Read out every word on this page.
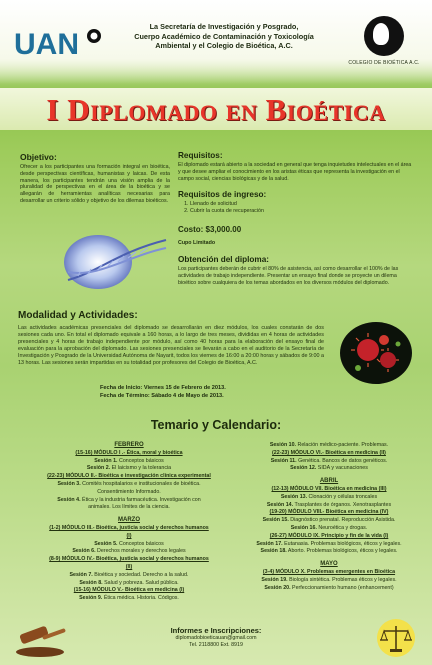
UAN
La Secretaría de Investigación y Posgrado,
Cuerpo Académico de Contaminación y Toxicología
Ambiental y el Colegio de Bioética, A.C.
COLEGIO DE BIOÉTICA A.C.
I Diplomado en Bioética
Objetivo:
Ofrecer a los participantes una formación integral en bioética, desde perspectivas científicas, humanistas y laicas. De esta manera, los participantes tendrán una visión amplia de la pluralidad de perspectivas en el área de la bioética y se allegarán de herramientas analíticas necesarias para desarrollar un criterio sólido y objetivo de los dilemas bioéticos.
Requisitos:
El diplomado estará abierto a la sociedad en general que tenga inquietudes intelectuales en el área y que desee ampliar el conocimiento en los aristas éticas que representa la investigación en el campo social, ciencias biológicas y de la salud.
Requisitos de ingreso:
1. Llenado de solicitud
2. Cubrir la cuota de recuperación
Costo: $3,000.00
Cupo Limitado
Obtención del diploma:
Los participantes deberán de cubrir el 80% de asistencia, así como desarrollar el 100% de las actividades de trabajo independiente. Presentar un ensayo final donde se proyecte un dilema bioético sobre cualquiera de los temas abordados en los diversos módulos del diplomado.
Modalidad y Actividades:
Las actividades académicas presenciales del diplomado se desarrollarán en diez módulos, los cuales constarán de dos sesiones cada uno. En total el diplomado equivale a 160 horas, a lo largo de tres meses, divididas en 4 horas de actividades presenciales y 4 horas de trabajo independiente por módulo, así como 40 horas para la elaboración del ensayo final de evaluación para la aprobación del diplomado. Las sesiones presenciales se llevarán a cabo en el auditorio de la Secretaría de Investigación y Posgrado de la Universidad Autónoma de Nayarit, todos los viernes de 16:00 a 20:00 horas y sábados de 9:00 a 13 horas. Las sesiones serán impartidas en su totalidad por profesores del Colegio de Bioética, A.C.
Fecha de Inicio: Viernes 15 de Febrero de 2013.
Fecha de Término: Sábado 4 de Mayo de 2013.
Temario y Calendario:
FEBRERO
(15-16) MÓDULO I .- Ética, moral y bioética
Sesión 1. Conceptos básicos
Sesión 2. El laicismo y la tolerancia
(22-23) MÓDULO II.- Bioética e investigación clínica experimental
Sesión 3. Comités hospitalarios e institucionales de bioética.
Consentimiento Informado.
Sesión 4. Ética y la industria farmacéutica. Investigación con
animales. Los límites de la ciencia.
MARZO
(1-2) MÓDULO III.- Bioética, justicia social y derechos humanos
(I)
Sesión 5. Conceptos básicos
Sesión 6. Derechos morales y derechos legales
(8-9) MÓDULO IV.- Bioética, justicia social y derechos humanos
(II)
Sesión 7. Bioética y sociedad. Derecho a la salud.
Sesión 8. Salud y pobreza. Salud pública.
(15-16) MÓDULO V.- Bioética en medicina (I)
Sesión 9. Ética médica. Historia. Códigos.
Sesión 10. Relación médico-paciente. Problemas.
(22-23) MÓDULO VI.- Bioética en medicina (II)
Sesión 11. Genética. Bancos de datos genéticos.
Sesión 12. SIDA y vacunaciones
ABRIL
(12-13) MÓDULO VII. Bioética en medicina (III)
Sesión 13. Clonación y células troncales
Sesión 14. Trasplantes de órganos. Xenotrasplantes
(19-20) MÓDULO VIII.- Bioética en medicina (IV)
Sesión 15. Diagnóstico prenatal. Reproducción Asistida.
Sesión 16. Neuroética y drogas.
(26-27) MÓDULO IX. Principio y fin de la vida (I)
Sesión 17. Eutanasia. Problemas biológicos, éticos y legales.
Sesión 18. Aborto. Problemas biológicos, éticos y legales.
MAYO
(3-4) MÓDULO X. Problemas emergentes en Bioética
Sesión 19. Biología sintética. Problemas éticos y legales.
Sesión 20. Perfeccionamiento humano (enhancement)
Informes e Inscripciones:
diplomadobioeticauan@gmail.com
Tel. 2118800 Ext. 8919
